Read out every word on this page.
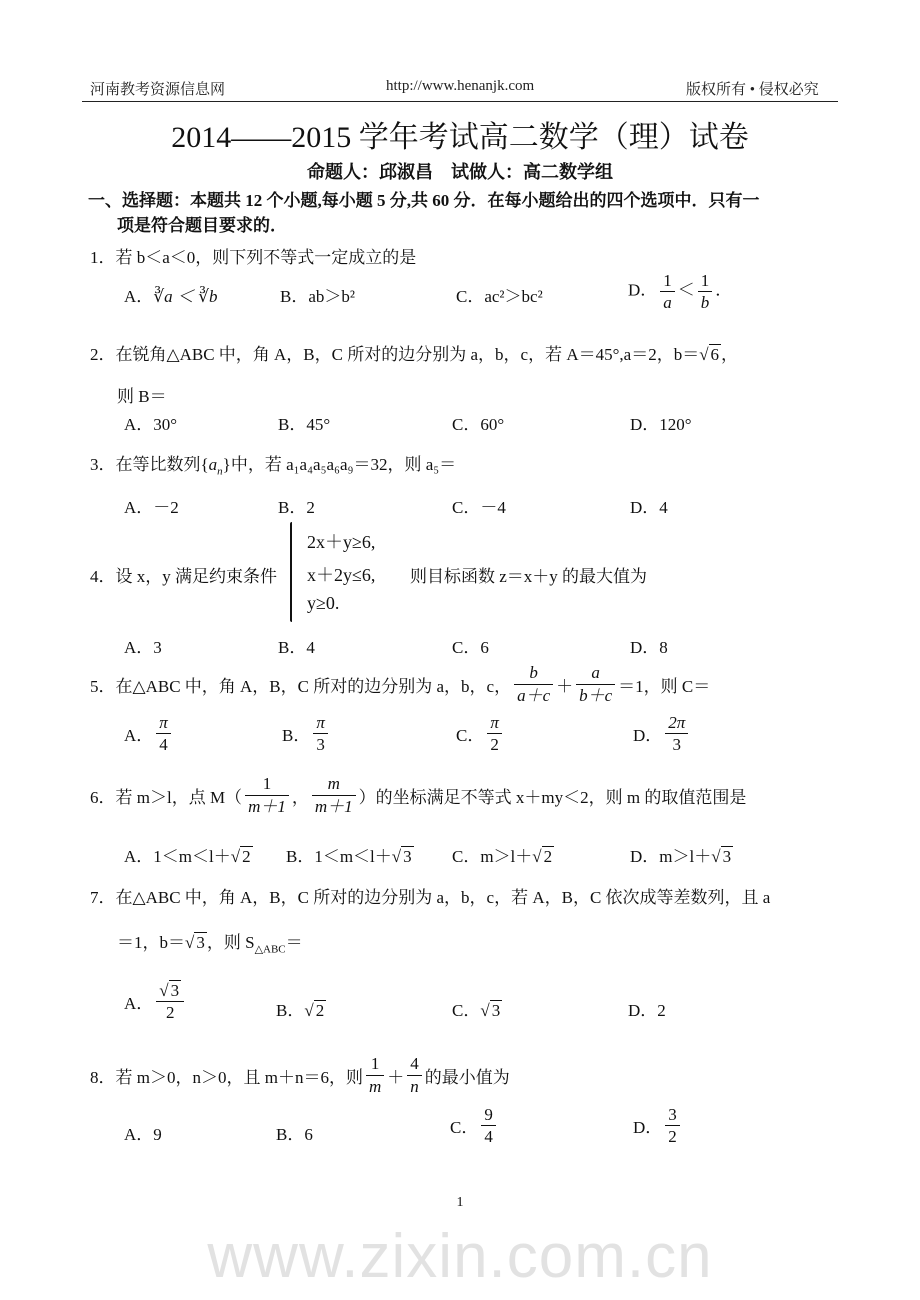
河南教考资源信息网	http://www.henanjk.com	版权所有 • 侵权必究
2014——2015 学年考试高二数学（理）试卷
命题人：邱淑昌　试做人：高二数学组
一、选择题：本题共 12 个小题,每小题 5 分,共 60 分．在每小题给出的四个选项中．只有一
项是符合题目要求的．
1．若 b＜a＜0，则下列不等式一定成立的是
A．∛a ＜ ∛b	B．ab＞b²	C．ac²＞bc²	D． $\frac{1}{a} < \frac{1}{b}$ ．
2．在锐角△ABC 中，角 A，B，C 所对的边分别为 a，b，c，若 A＝45°,a＝2，b＝√ 6 ，
则 B＝
A．30°	B．45°	C．60°	D．120°
3．在等比数列$\{a_n\}$中，若 a₁a₄a₅a₆a₉＝32，则 a₅＝
A．－2	B．2	C．－4	D．4
4．设 x，y 满足约束条件
2x＋y≥6,
x＋2y≤6, 则目标函数 z＝x＋y 的最大值为
y≥0.
A．3	B．4	C．6	D．8
5．在△ABC 中，角 A，B，C 所对的边分别为 a，b，c， $\frac{b}{a+c} + \frac{a}{b+c} =1$，则 C＝
A． $\frac{\pi}{4}$	B． $\frac{\pi}{3}$	C． $\frac{\pi}{2}$	D． $\frac{2\pi}{3}$
6．若 m＞l，点 $M( \frac{1}{m+1}$ ， $\frac{m}{m+1}$ ）的坐标满足不等式 x＋my＜2，则 m 的取值范围是
A．1＜m＜l＋√ 2 B．1＜m＜l＋√ 3 C．m＞l＋√ 2	D．m＞l＋√ 3
7．在△ABC 中，角 A，B，C 所对的边分别为 a，b，c，若 A，B，C 依次成等差数列，且 a
＝1，b＝√ 3 ，则 $S_{\triangle ABC}=$
A． $\frac{√ 3}{2}$	B．√ 2	C．√ 3	D．2
8．若 m＞0，n＞0，且 m＋n＝6，则 $\frac{1}{m} + \frac{4}{n}$ 的最小值为
A．9	B．6	C． $\frac{9}{4}$	D． $\frac{3}{2}$
1
www.zixin.com.cn
